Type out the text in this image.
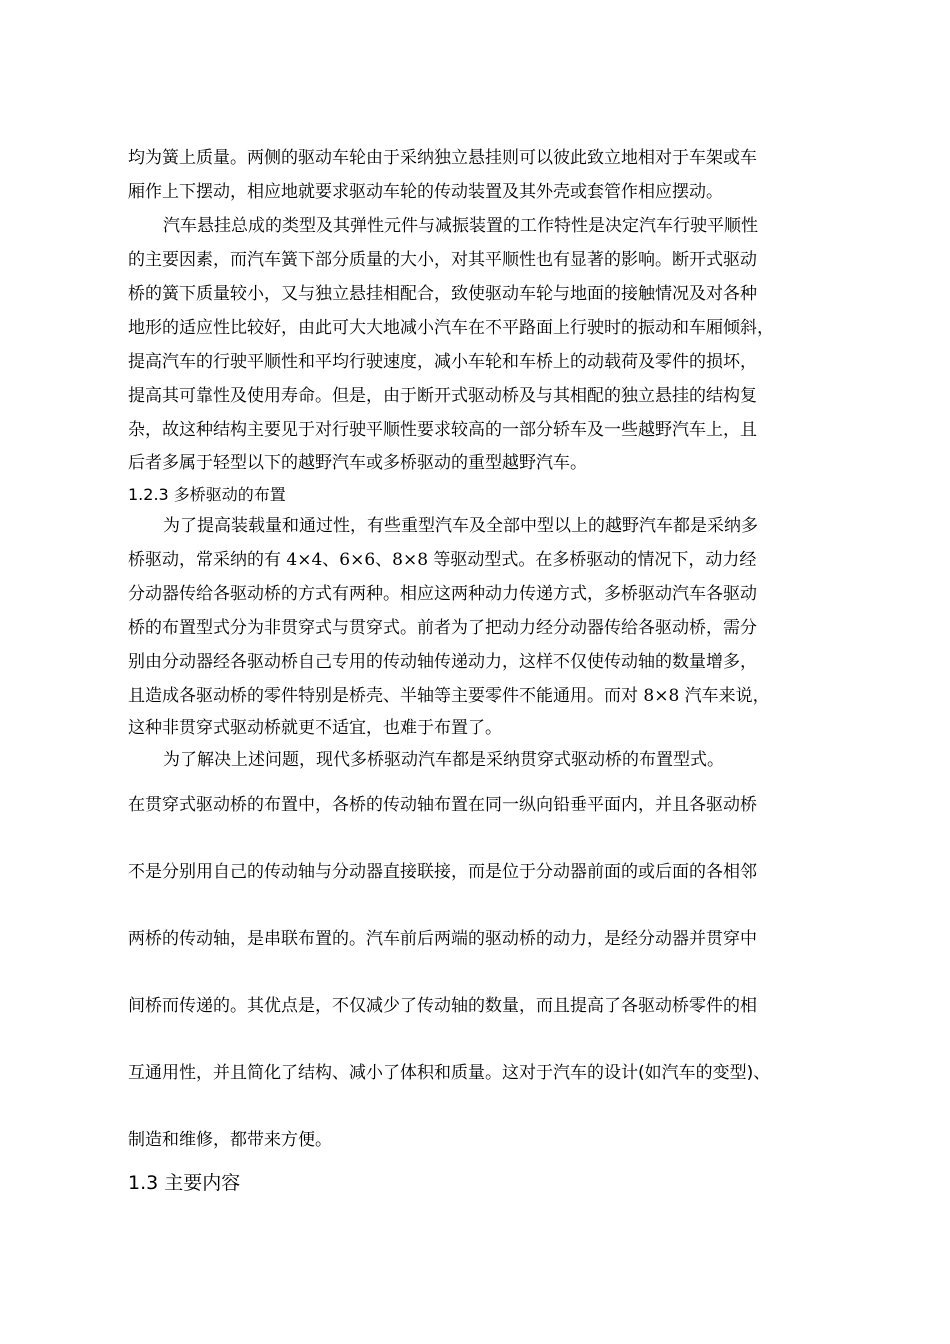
均为簧上质量。两侧的驱动车轮由于采纳独立悬挂则可以彼此致立地相对于车架或车
厢作上下摆动，相应地就要求驱动车轮的传动装置及其外壳或套管作相应摆动。
汽车悬挂总成的类型及其弹性元件与减振装置的工作特性是决定汽车行驶平顺性
的主要因素，而汽车簧下部分质量的大小，对其平顺性也有显著的影响。断开式驱动
桥的簧下质量较小，又与独立悬挂相配合，致使驱动车轮与地面的接触情况及对各种
地形的适应性比较好，由此可大大地减小汽车在不平路面上行驶时的振动和车厢倾斜，
提高汽车的行驶平顺性和平均行驶速度，减小车轮和车桥上的动载荷及零件的损坏，
提高其可靠性及使用寿命。但是，由于断开式驱动桥及与其相配的独立悬挂的结构复
杂，故这种结构主要见于对行驶平顺性要求较高的一部分轿车及一些越野汽车上，且
后者多属于轻型以下的越野汽车或多桥驱动的重型越野汽车。
1.2.3 多桥驱动的布置
为了提高装载量和通过性，有些重型汽车及全部中型以上的越野汽车都是采纳多
桥驱动，常采纳的有 4×4、6×6、8×8 等驱动型式。在多桥驱动的情况下，动力经
分动器传给各驱动桥的方式有两种。相应这两种动力传递方式，多桥驱动汽车各驱动
桥的布置型式分为非贯穿式与贯穿式。前者为了把动力经分动器传给各驱动桥，需分
别由分动器经各驱动桥自己专用的传动轴传递动力，这样不仅使传动轴的数量增多，
且造成各驱动桥的零件特别是桥壳、半轴等主要零件不能通用。而对 8×8 汽车来说，
这种非贯穿式驱动桥就更不适宜，也难于布置了。
为了解决上述问题，现代多桥驱动汽车都是采纳贯穿式驱动桥的布置型式。
在贯穿式驱动桥的布置中，各桥的传动轴布置在同一纵向铅垂平面内，并且各驱动桥
不是分别用自己的传动轴与分动器直接联接，而是位于分动器前面的或后面的各相邻
两桥的传动轴，是串联布置的。汽车前后两端的驱动桥的动力，是经分动器并贯穿中
间桥而传递的。其优点是，不仅减少了传动轴的数量，而且提高了各驱动桥零件的相
互通用性，并且简化了结构、减小了体积和质量。这对于汽车的设计(如汽车的变型)、
制造和维修，都带来方便。
1.3 主要内容
